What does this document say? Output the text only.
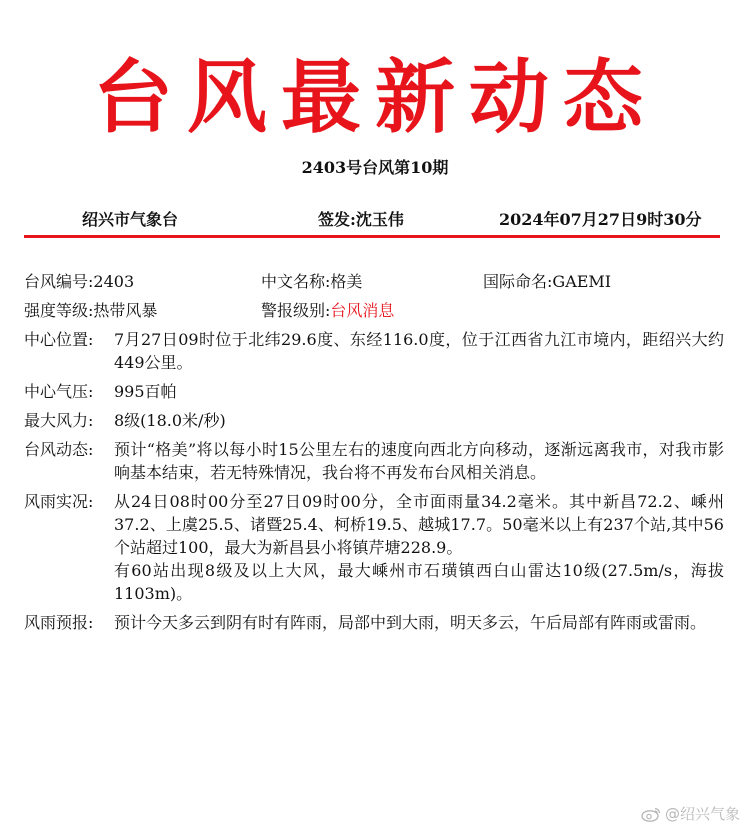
台风最新动态
2403号台风第10期
绍兴市气象台	签发:沈玉伟	2024年07月27日9时30分
台风编号: 2403	中文名称: 格美	国际命名: GAEMI
强度等级: 热带风暴	警报级别: 台风消息
中心位置:	7月27日09时位于北纬29.6度、东经116.0度，位于江西省九江市境内，距绍兴大约449公里。
中心气压:	995百帕
最大风力:	8级(18.0米/秒)
台风动态:	预计“格美”将以每小时15公里左右的速度向西北方向移动，逐渐远离我市，对我市影响基本结束，若无特殊情况，我台将不再发布台风相关消息。
风雨实况:	从24日08时00分至27日09时00分，全市面雨量34.2毫米。其中新昌72.2、嵊州37.2、上虞25.5、诸暨25.4、柯桥19.5、越城17.7。50毫米以上有237个站,其中56个站超过100，最大为新昌县小将镇芹塘228.9。

有60站出现8级及以上大风，最大嵊州市石璜镇西白山雷达10级(27.5m/s，海拔1103m)。

风雨预报:	预计今天多云到阴有时有阵雨，局部中到大雨，明天多云，午后局部有阵雨或雷雨。
@绍兴气象
